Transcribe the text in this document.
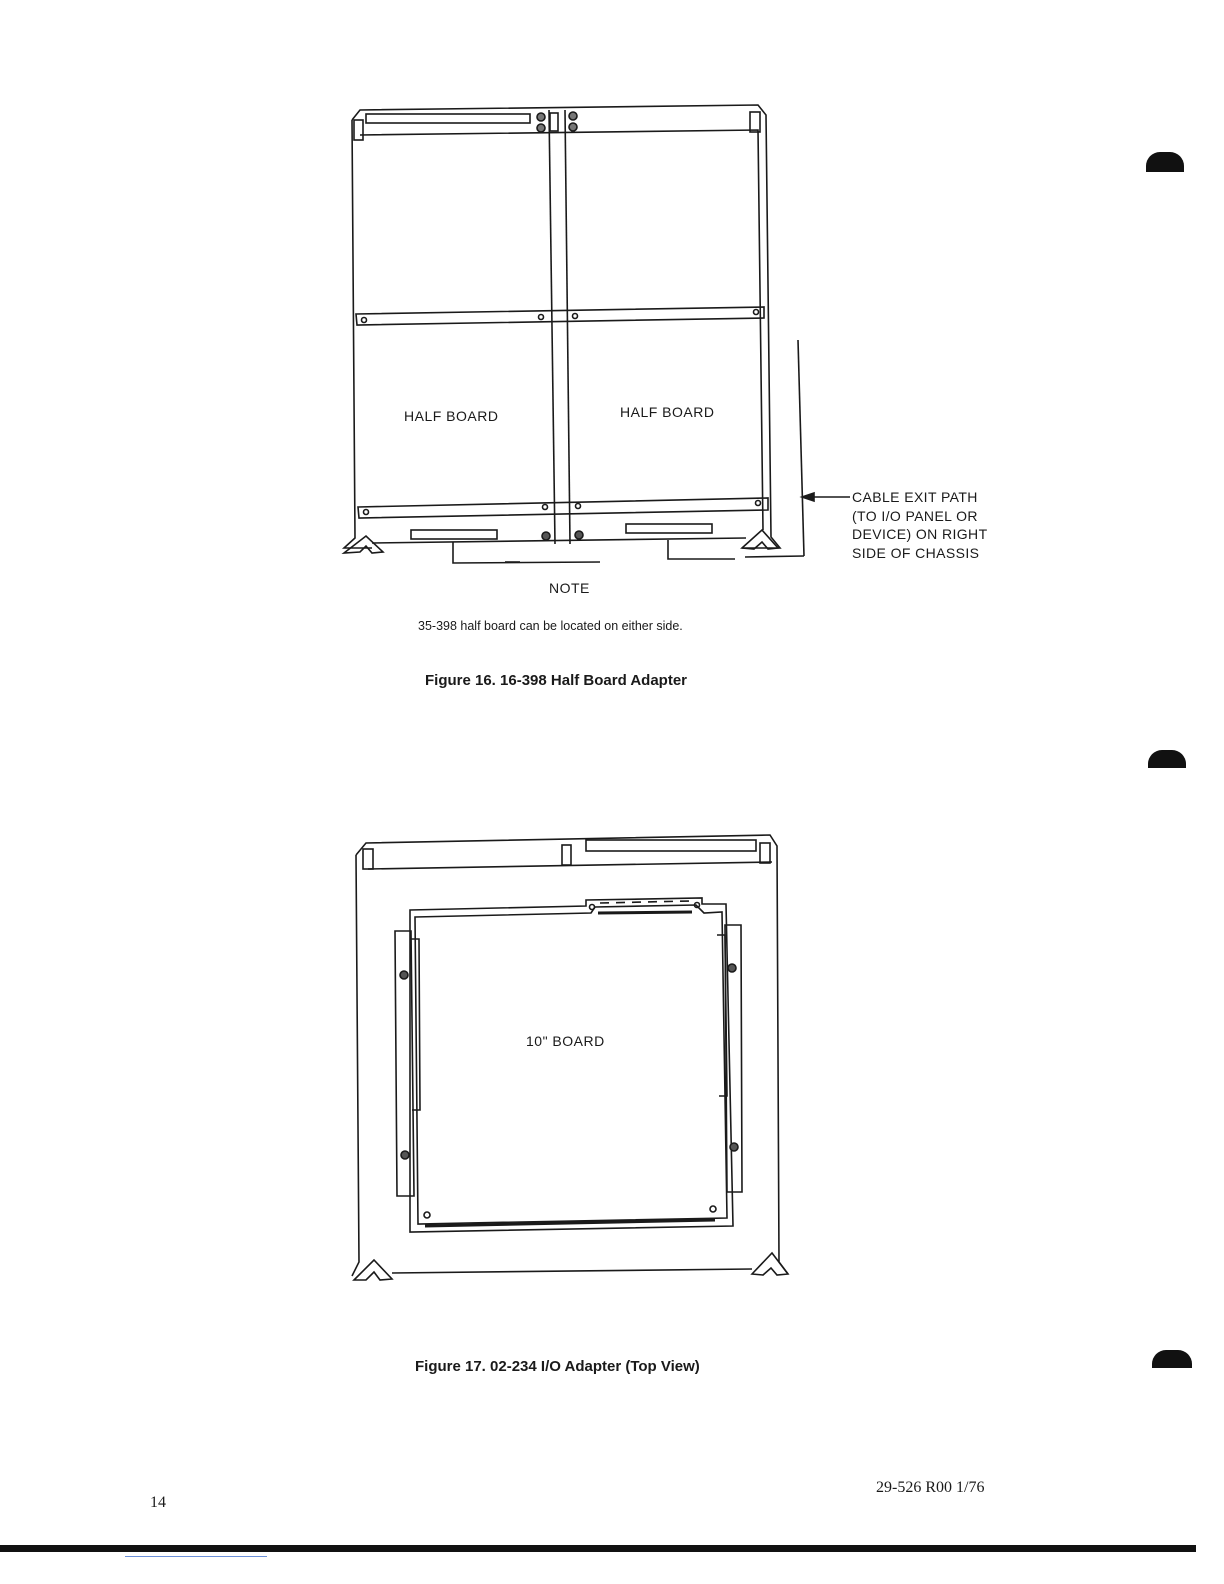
HALF BOARD	HALF BOARD
CABLE EXIT PATH
(TO I/O PANEL OR
DEVICE) ON RIGHT
SIDE OF CHASSIS
NOTE
35-398 half board can be located on either side.
Figure 16. 16-398 Half Board Adapter
10" BOARD
Figure 17. 02-234 I/O Adapter (Top View)
14
29-526 R00 1/76
